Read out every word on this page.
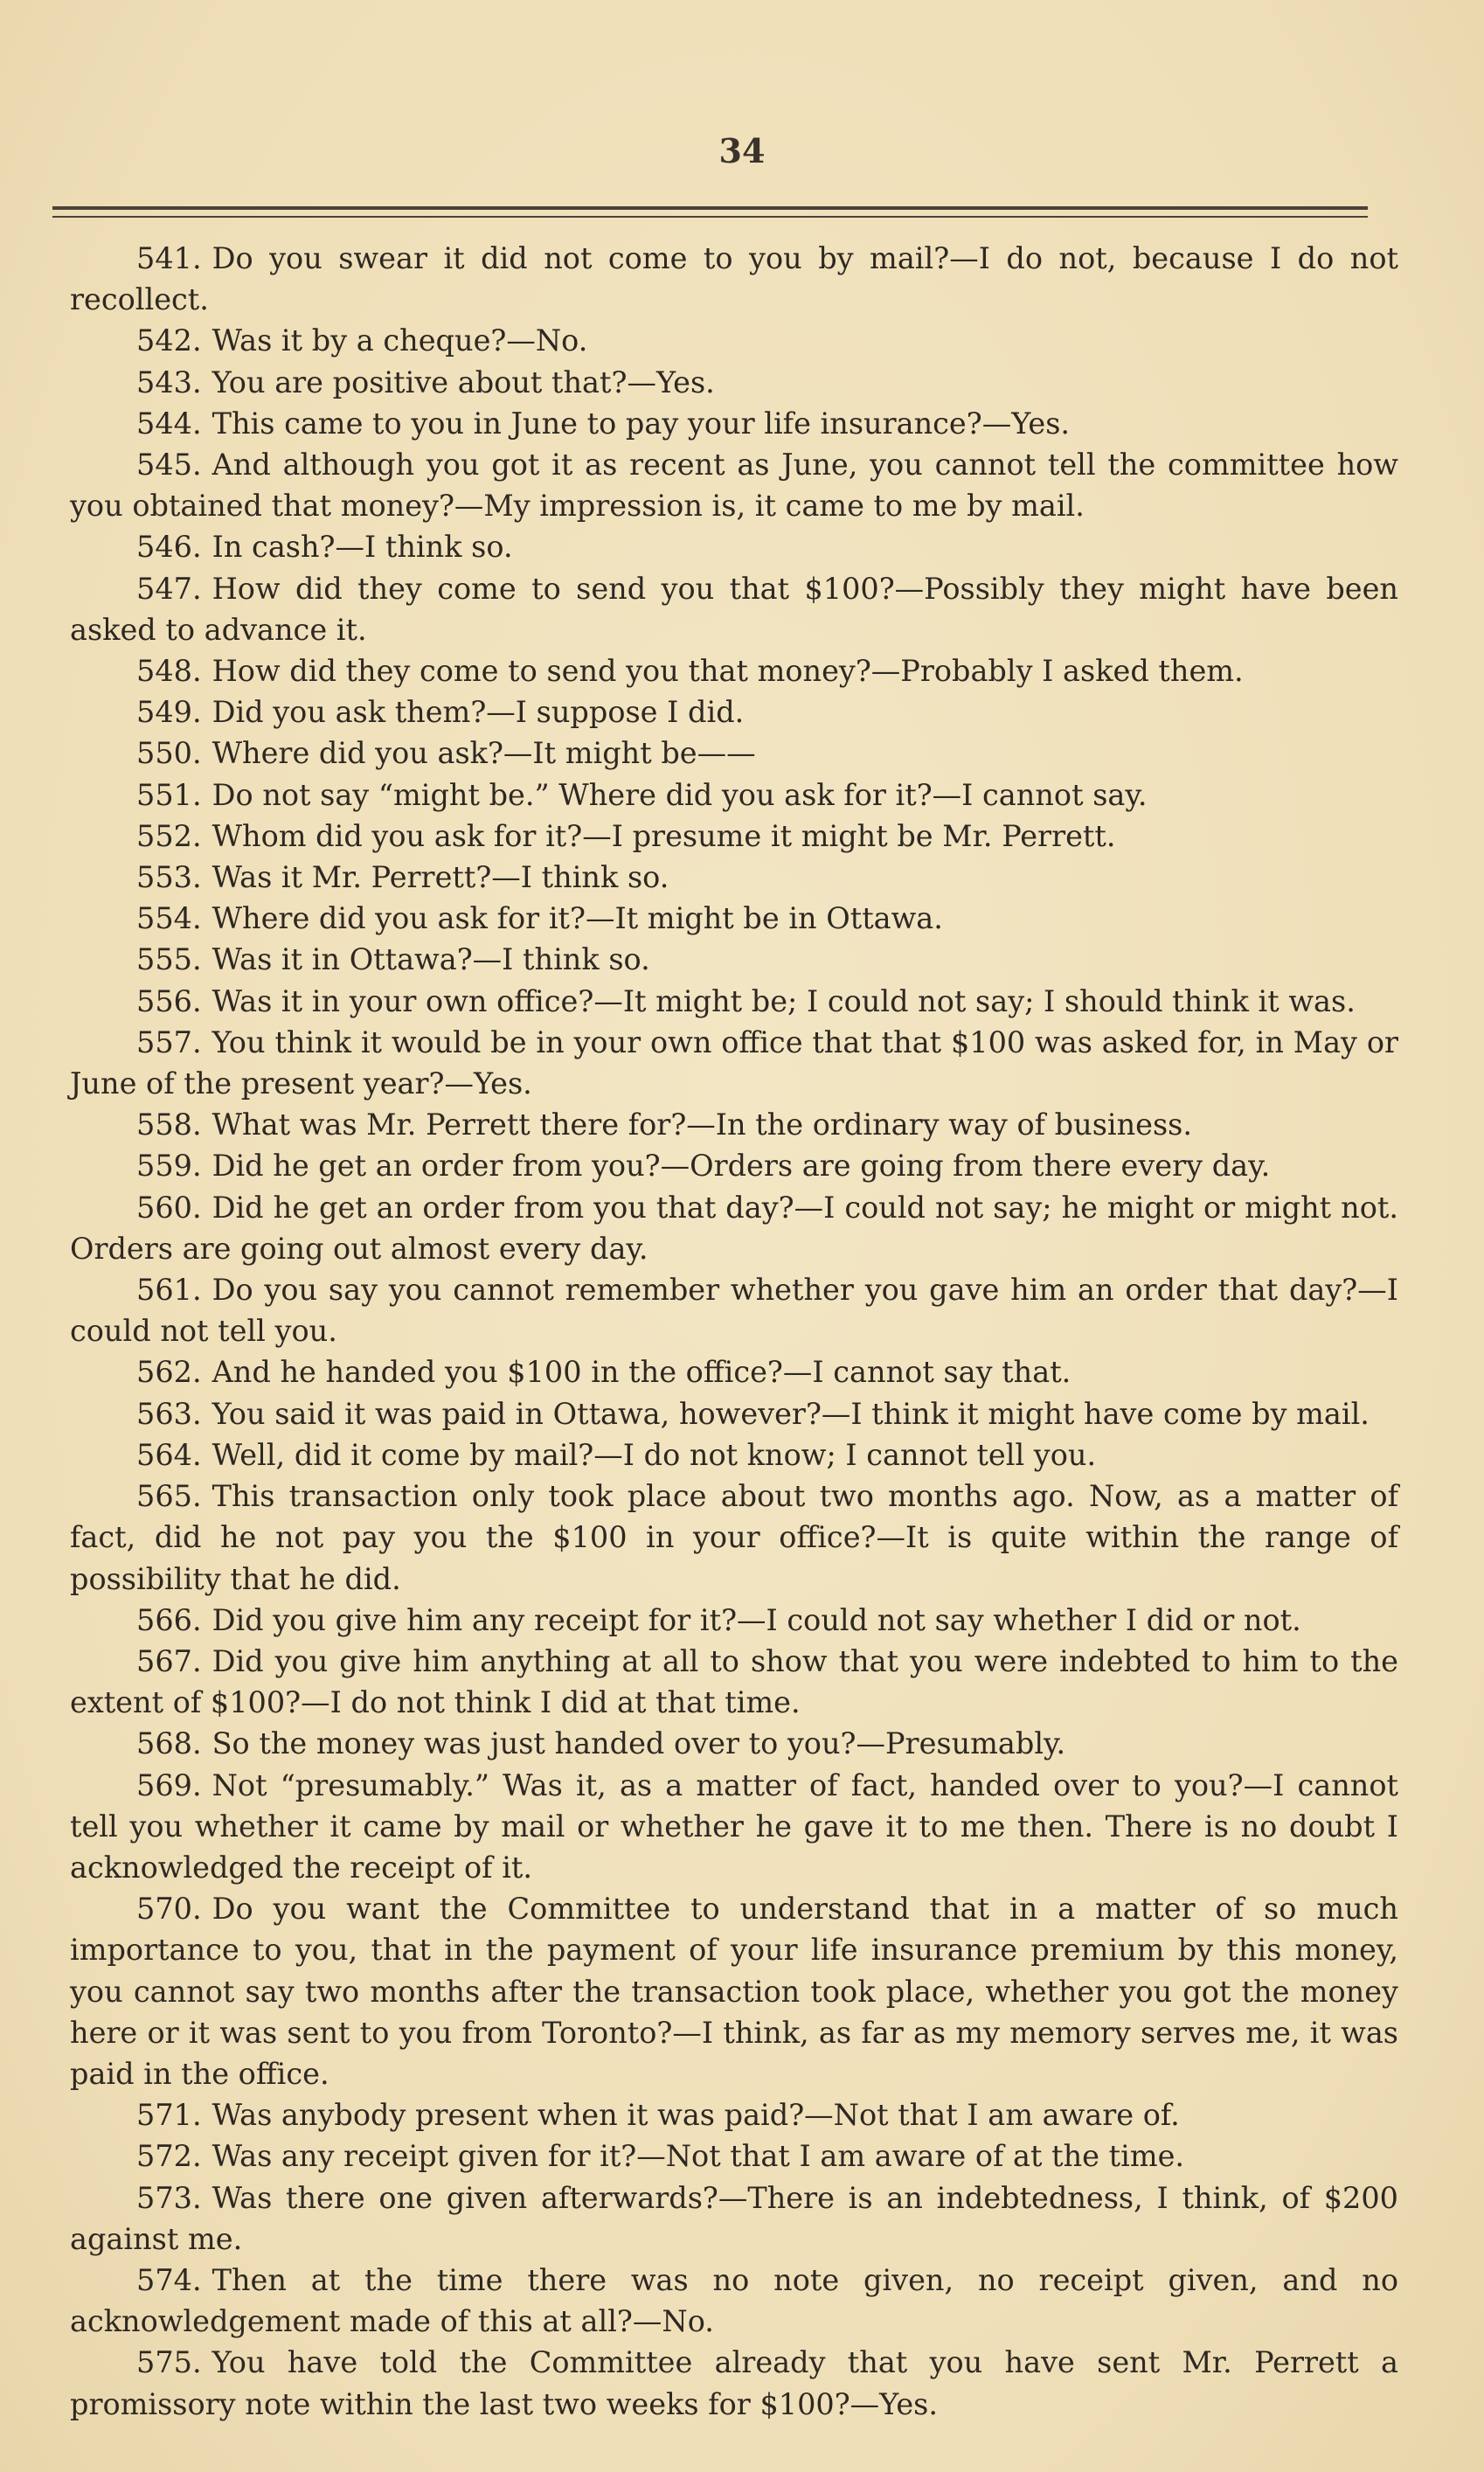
34

541. Do you swear it did not come to you by mail?—I do not, because I do not recollect.

542. Was it by a cheque?—No.

543. You are positive about that?—Yes.

544. This came to you in June to pay your life insurance?—Yes.

545. And although you got it as recent as June, you cannot tell the committee how you obtained that money?—My impression is, it came to me by mail.

546. In cash?—I think so.

547. How did they come to send you that $100?—Possibly they might have been asked to advance it.

548. How did they come to send you that money?—Probably I asked them.

549. Did you ask them?—I suppose I did.

550. Where did you ask?—It might be——

551. Do not say “might be.” Where did you ask for it?—I cannot say.

552. Whom did you ask for it?—I presume it might be Mr. Perrett.

553. Was it Mr. Perrett?—I think so.

554. Where did you ask for it?—It might be in Ottawa.

555. Was it in Ottawa?—I think so.

556. Was it in your own office?—It might be; I could not say; I should think it was.

557. You think it would be in your own office that that $100 was asked for, in May or June of the present year?—Yes.

558. What was Mr. Perrett there for?—In the ordinary way of business.

559. Did he get an order from you?—Orders are going from there every day.

560. Did he get an order from you that day?—I could not say; he might or might not. Orders are going out almost every day.

561. Do you say you cannot remember whether you gave him an order that day?—I could not tell you.

562. And he handed you $100 in the office?—I cannot say that.

563. You said it was paid in Ottawa, however?—I think it might have come by mail.

564. Well, did it come by mail?—I do not know; I cannot tell you.

565. This transaction only took place about two months ago. Now, as a matter of fact, did he not pay you the $100 in your office?—It is quite within the range of possibility that he did.

566. Did you give him any receipt for it?—I could not say whether I did or not.

567. Did you give him anything at all to show that you were indebted to him to the extent of $100?—I do not think I did at that time.

568. So the money was just handed over to you?—Presumably.

569. Not “presumably.” Was it, as a matter of fact, handed over to you?—I cannot tell you whether it came by mail or whether he gave it to me then. There is no doubt I acknowledged the receipt of it.

570. Do you want the Committee to understand that in a matter of so much importance to you, that in the payment of your life insurance premium by this money, you cannot say two months after the transaction took place, whether you got the money here or it was sent to you from Toronto?—I think, as far as my memory serves me, it was paid in the office.

571. Was anybody present when it was paid?—Not that I am aware of.

572. Was any receipt given for it?—Not that I am aware of at the time.

573. Was there one given afterwards?—There is an indebtedness, I think, of $200 against me.

574. Then at the time there was no note given, no receipt given, and no acknowledgement made of this at all?—No.

575. You have told the Committee already that you have sent Mr. Perrett a promissory note within the last two weeks for $100?—Yes.
